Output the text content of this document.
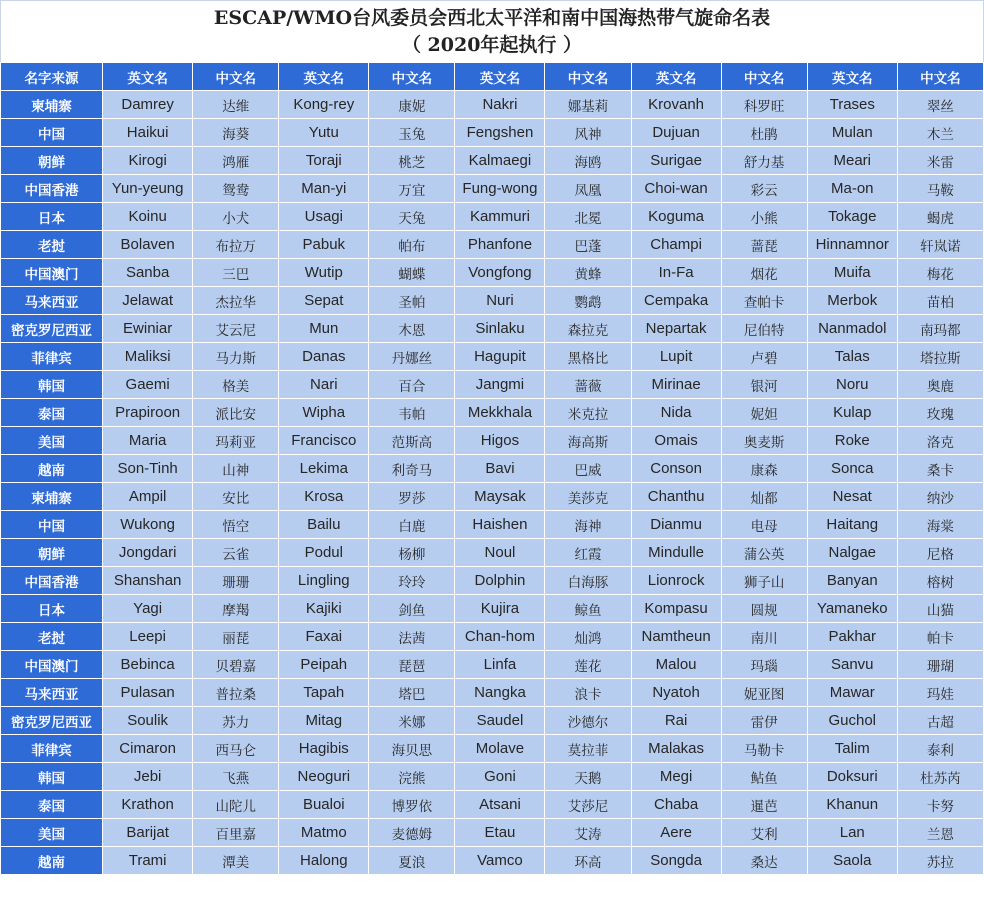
ESCAP/WMO台风委员会西北太平洋和南中国海热带气旋命名表
（ 2020年起执行 ）
名字来源	英文名	中文名	英文名	中文名	英文名	中文名	英文名	中文名	英文名	中文名
柬埔寨	Damrey	达维	Kong-rey	康妮	Nakri	娜基莉	Krovanh	科罗旺	Trases	翠丝
中国	Haikui	海葵	Yutu	玉兔	Fengshen	风神	Dujuan	杜鹃	Mulan	木兰
朝鲜	Kirogi	鸿雁	Toraji	桃芝	Kalmaegi	海鸥	Surigae	舒力基	Meari	米雷
中国香港	Yun-yeung	鸳鸯	Man-yi	万宜	Fung-wong	凤凰	Choi-wan	彩云	Ma-on	马鞍
日本	Koinu	小犬	Usagi	天兔	Kammuri	北冕	Koguma	小熊	Tokage	蝎虎
老挝	Bolaven	布拉万	Pabuk	帕布	Phanfone	巴蓬	Champi	蔷琵	Hinnamnor	轩岚诺
中国澳门	Sanba	三巴	Wutip	蝴蝶	Vongfong	黄蜂	In-Fa	烟花	Muifa	梅花
马来西亚	Jelawat	杰拉华	Sepat	圣帕	Nuri	鹦鹉	Cempaka	查帕卡	Merbok	苗柏
密克罗尼西亚	Ewiniar	艾云尼	Mun	木恩	Sinlaku	森拉克	Nepartak	尼伯特	Nanmadol	南玛都
菲律宾	Maliksi	马力斯	Danas	丹娜丝	Hagupit	黑格比	Lupit	卢碧	Talas	塔拉斯
韩国	Gaemi	格美	Nari	百合	Jangmi	蔷薇	Mirinae	银河	Noru	奥鹿
泰国	Prapiroon	派比安	Wipha	韦帕	Mekkhala	米克拉	Nida	妮妲	Kulap	玫瑰
美国	Maria	玛莉亚	Francisco	范斯高	Higos	海高斯	Omais	奥麦斯	Roke	洛克
越南	Son-Tinh	山神	Lekima	利奇马	Bavi	巴威	Conson	康森	Sonca	桑卡
柬埔寨	Ampil	安比	Krosa	罗莎	Maysak	美莎克	Chanthu	灿都	Nesat	纳沙
中国	Wukong	悟空	Bailu	白鹿	Haishen	海神	Dianmu	电母	Haitang	海棠
朝鲜	Jongdari	云雀	Podul	杨柳	Noul	红霞	Mindulle	蒲公英	Nalgae	尼格
中国香港	Shanshan	珊珊	Lingling	玲玲	Dolphin	白海豚	Lionrock	狮子山	Banyan	榕树
日本	Yagi	摩羯	Kajiki	剑鱼	Kujira	鲸鱼	Kompasu	圆规	Yamaneko	山猫
老挝	Leepi	丽琵	Faxai	法茜	Chan-hom	灿鸿	Namtheun	南川	Pakhar	帕卡
中国澳门	Bebinca	贝碧嘉	Peipah	琵琶	Linfa	莲花	Malou	玛瑙	Sanvu	珊瑚
马来西亚	Pulasan	普拉桑	Tapah	塔巴	Nangka	浪卡	Nyatoh	妮亚图	Mawar	玛娃
密克罗尼西亚	Soulik	苏力	Mitag	米娜	Saudel	沙德尔	Rai	雷伊	Guchol	古超
菲律宾	Cimaron	西马仑	Hagibis	海贝思	Molave	莫拉菲	Malakas	马勒卡	Talim	泰利
韩国	Jebi	飞燕	Neoguri	浣熊	Goni	天鹅	Megi	鲇鱼	Doksuri	杜苏芮
泰国	Krathon	山陀儿	Bualoi	博罗依	Atsani	艾莎尼	Chaba	暹芭	Khanun	卡努
美国	Barijat	百里嘉	Matmo	麦德姆	Etau	艾涛	Aere	艾利	Lan	兰恩
越南	Trami	潭美	Halong	夏浪	Vamco	环高	Songda	桑达	Saola	苏拉
